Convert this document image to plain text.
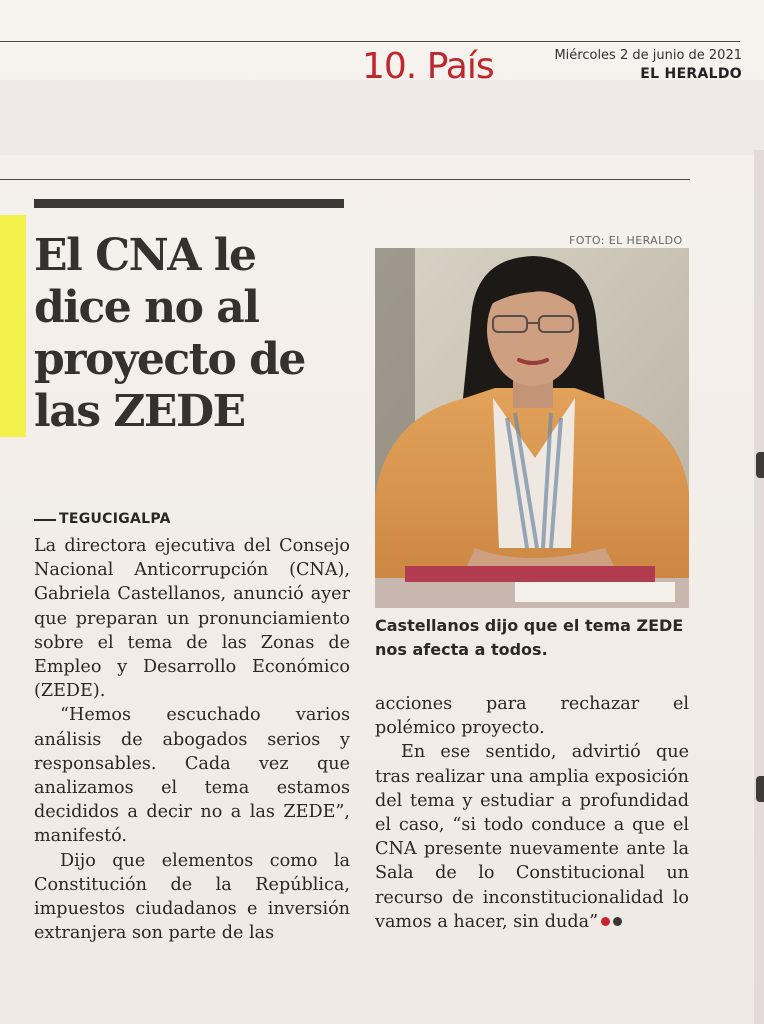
10. País	Miércoles 2 de junio de 2021
EL HERALDO
El CNA le dice no al proyecto de las ZEDE
FOTO: EL HERALDO

Castellanos dijo que el tema ZEDE nos afecta a todos.

TEGUCIGALPA

La directora ejecutiva del Consejo Nacional Anticorrupción (CNA), Gabriela Castellanos, anunció ayer que preparan un pronunciamiento sobre el tema de las Zonas de Empleo y Desarrollo Económico (ZEDE).

“Hemos escuchado varios análisis de abogados serios y responsables. Cada vez que analizamos el tema estamos decididos a decir no a las ZEDE”, manifestó.

Dijo que elementos como la Constitución de la República, impuestos ciudadanos e inversión extranjera son parte de las

acciones para rechazar el polémico proyecto.

En ese sentido, advirtió que tras realizar una amplia exposición del tema y estudiar a profundidad el caso, “si todo conduce a que el CNA presente nuevamente ante la Sala de lo Constitucional un recurso de inconstitucionalidad lo vamos a hacer, sin duda”
